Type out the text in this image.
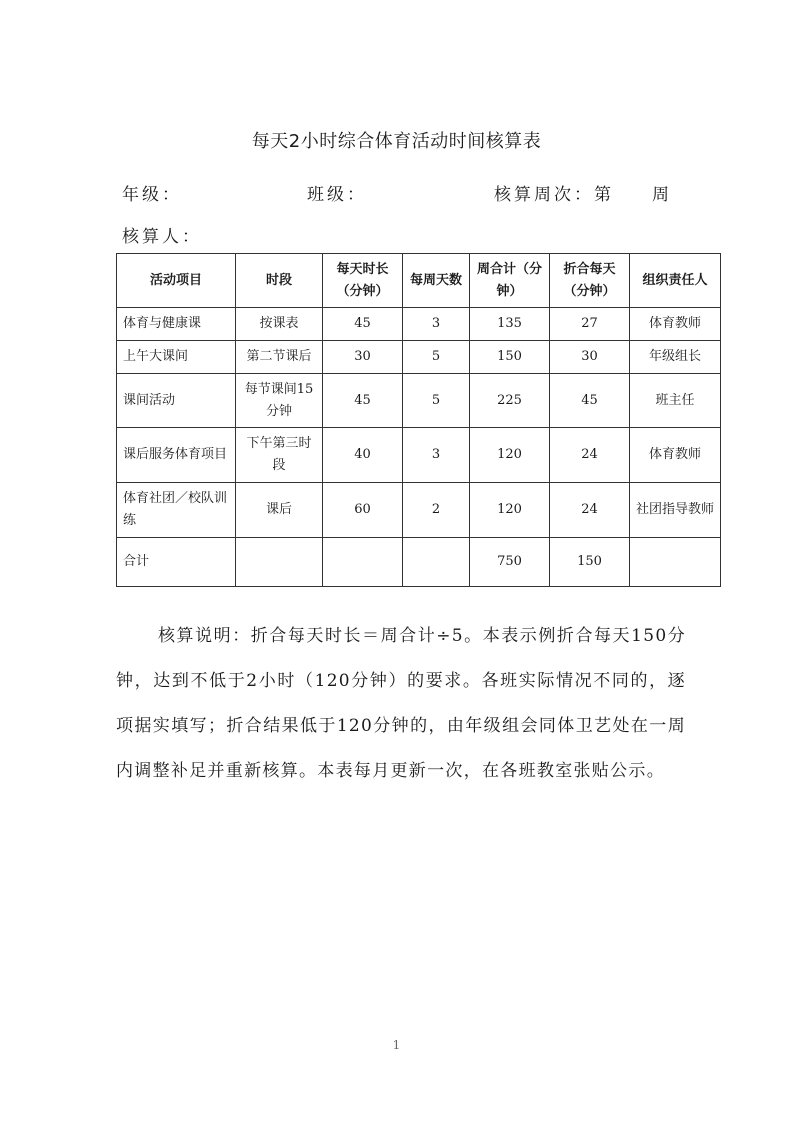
每天2小时综合体育活动时间核算表
年级：	班级：	核算周次：第 周
核算人：
活动项目	时段	每天时长（分钟）	每周天数	周合计（分钟）	折合每天（分钟）	组织责任人
体育与健康课	按课表	45	3	135	27	体育教师
上午大课间	第二节课后	30	5	150	30	年级组长
课间活动	每节课间15分钟	45	5	225	45	班主任
课后服务体育项目	下午第三时段	40	3	120	24	体育教师
体育社团／校队训练	课后	60	2	120	24	社团指导教师
合计				750	150	

核算说明：折合每天时长＝周合计÷5。本表示例折合每天150分钟，达到不低于2小时（120分钟）的要求。各班实际情况不同的，逐项据实填写；折合结果低于120分钟的，由年级组会同体卫艺处在一周内调整补足并重新核算。本表每月更新一次，在各班教室张贴公示。

1
